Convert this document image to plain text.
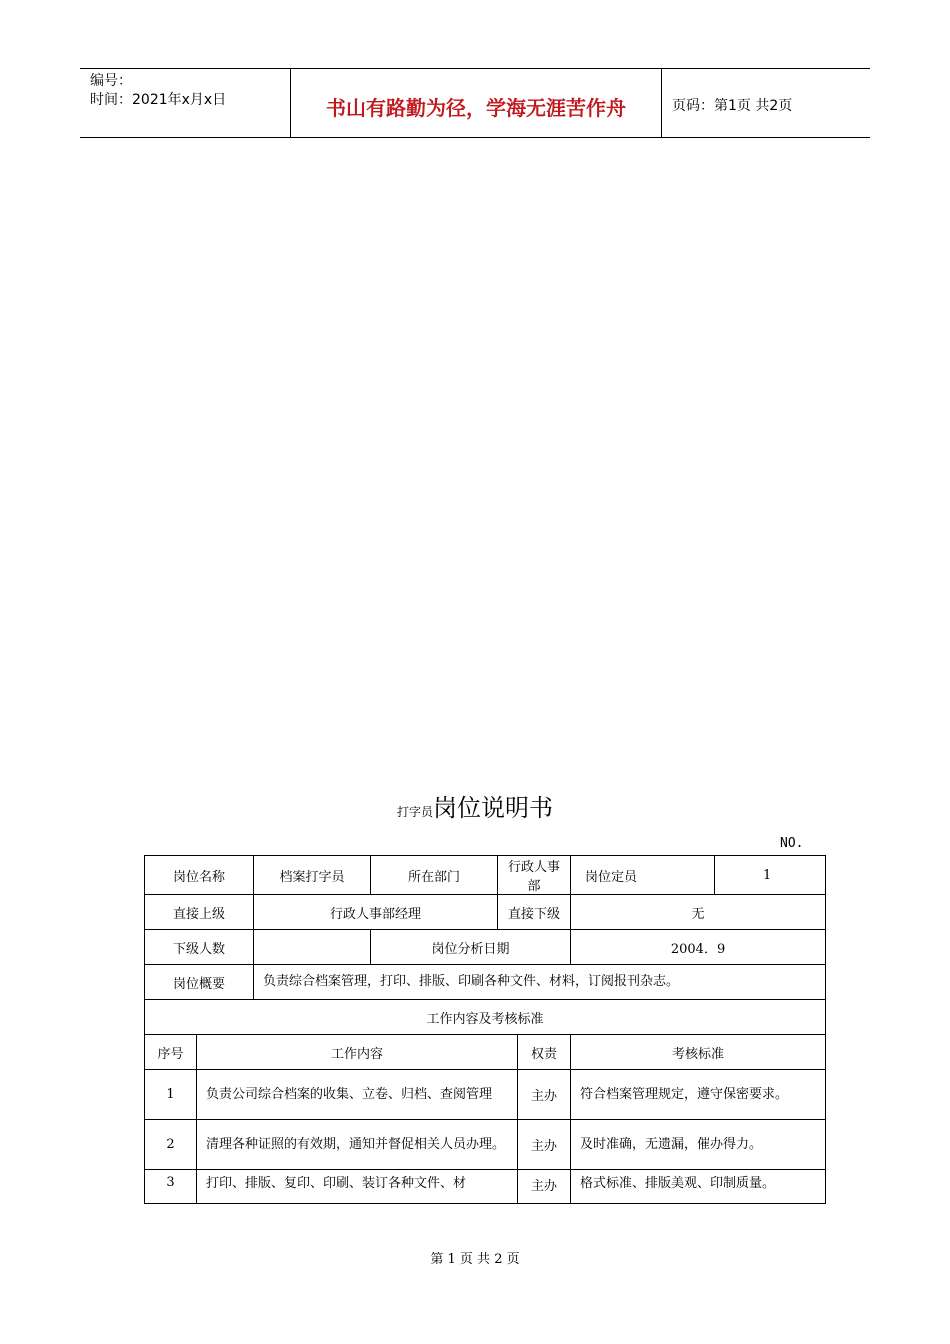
编号：
时间：2021年x月x日	书山有路勤为径，学海无涯苦作舟	页码：第1页 共2页
打字员岗位说明书
NO.
岗位名称		档案打字员	所在部门	行政人事部		岗位定员	1
直接上级		行政人事部经理		直接下级		无	
下级人数			岗位分析日期			2004．9	
岗位概要		负责综合档案管理，打印、排版、印刷各种文件、材料，订阅报刊杂志。					
工作内容及考核标准							
序号	工作内容				权责	考核标准	
1	负责公司综合档案的收集、立卷、归档、查阅管理				主办	符合档案管理规定，遵守保密要求。	
2	清理各种证照的有效期，通知并督促相关人员办理。				主办	及时准确，无遗漏，催办得力。	
3	打印、排版、复印、印刷、装订各种文件、材				主办	格式标准、排版美观、印制质量。	
第 1 页 共 2 页
